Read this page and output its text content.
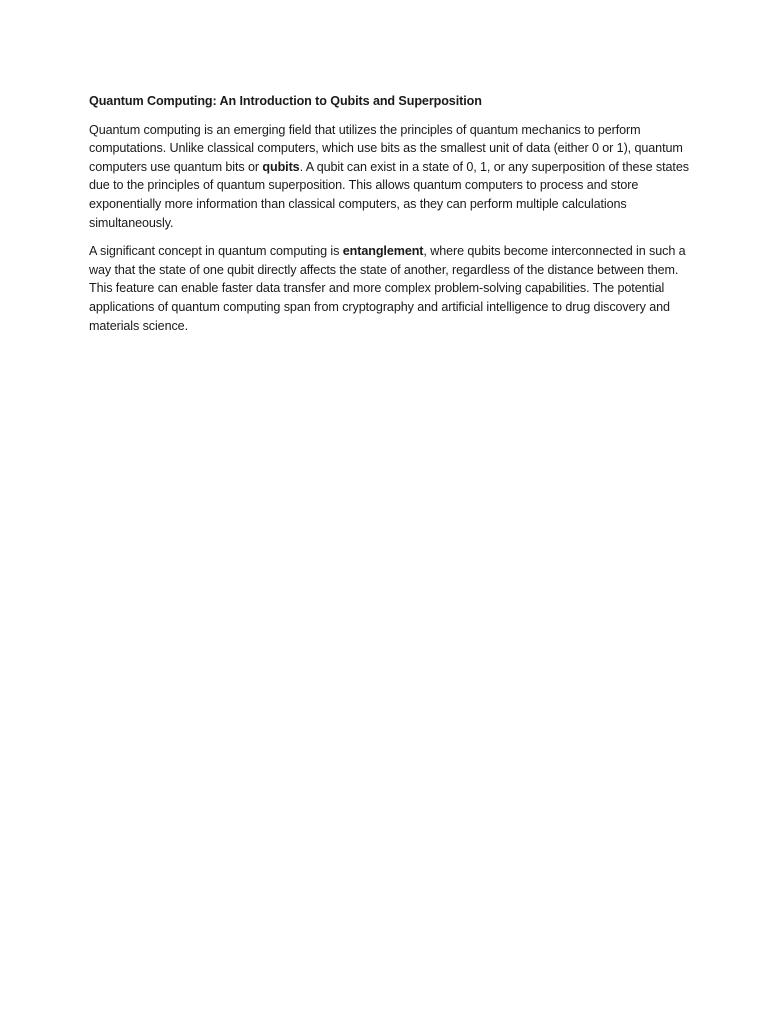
Quantum Computing: An Introduction to Qubits and Superposition

Quantum computing is an emerging field that utilizes the principles of quantum mechanics to perform computations. Unlike classical computers, which use bits as the smallest unit of data (either 0 or 1), quantum computers use quantum bits or qubits. A qubit can exist in a state of 0, 1, or any superposition of these states due to the principles of quantum superposition. This allows quantum computers to process and store exponentially more information than classical computers, as they can perform multiple calculations simultaneously.

A significant concept in quantum computing is entanglement, where qubits become interconnected in such a way that the state of one qubit directly affects the state of another, regardless of the distance between them. This feature can enable faster data transfer and more complex problem-solving capabilities. The potential applications of quantum computing span from cryptography and artificial intelligence to drug discovery and materials science.
